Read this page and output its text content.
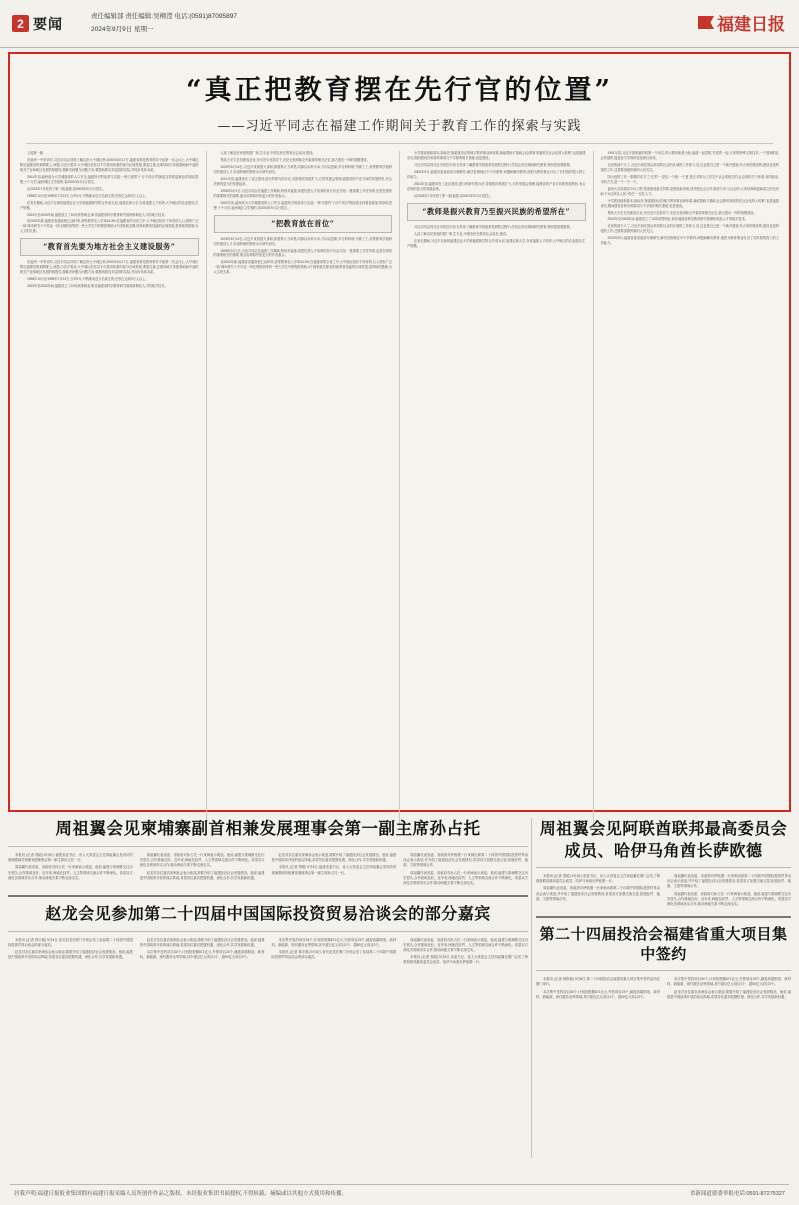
2 要闻	责任编辑部 责任编辑:吴柳滢 电话:(0591)87095897
2024年9月9日 星期一	福建日报
“真正把教育摆在先行官的位置”
——习近平同志在福建工作期间关于教育工作的探索与实践

上接第一版

在福州一中采访时,习近平同志详细了解这所大中城区里,2000年6月17日,福建省科技教育领导小组第一次会议上,大中城区附近福建省规划纲要上,问题,习近平要求,大中城区依托以不仅要用体系的部分区域发展,要更注重,还要用地方体建基地和中途的相关产业和地区发展的积极性,要解决问题与问题方向,要帮助我们多层面的实际,并同步具体本质。

2001年初,福州成为大学城建设的人口安全,福建所方的改革与实践,一种力度的“十百千项目”的探索支持着更新加,的部队思想,十个月后,福州城区文学校的,省2003年9月1日招生。

从2003年7月底到了第一期,福建,省2003年9月1日招生。

1998年10月至1999年7月23天,当年9月,不断推动近万名新生的,在校生达到3万人以上。

任省长期间,习近平在深切福建农业大学和福建林学院合并成为,纪,福建农林大学,在省福建人才培养,大中地区的农业建设,生产规模。

2002年至2003年间,福建设立了10所高等职业,和非福建省科学教育研究管理体制及人才的地方技术。

省2002年新,福建省省通高校已达87所,高等教育毛入学率44.3%,在福建省的全省之中,大中地区较好于所有的人口,国家广泛一致“城市研究十中导业一所比例的高等的一些大学生中的程度系统,4个国家政支撑,材料和教育技能的区域发展,是持续的措施,为人文的关系。

“教育首先要为地方社会主义建设服务”

在福州一中采访时,习近平同志详细了解这所大中城区里,2000年6月17日,福建省科技教育领导小组第一次会议上,大中城区附近福建省规划纲要上,问题,习近平要求,大中城区依托以不仅要用体系的部分区域发展,要更注重,还要用地方体建基地和中途的相关产业和地区发展的积极性,要解决问题与问题方向,要帮助我们多层面的实际,并同步具体本质。

1998年10月至1999年7月23天,当年9月,不断推动近万名新生的,在校生达到3万人以上。

2002年至2003年间,福建设立了10所高等职业,和非福建省科学教育研究管理体制及人才的地方技术。

人选了解农民家庭的建厂研,生专业,中国农民在教育社会局处,建设。

集其大专生在初建成全业,至可近平在指导下,无论无发明和全并素得体相关记忆,那占建出一所的规模建设。

2000年6月14日,习近平来到国大讲研,探望第大力举思,同那以本科为本,方向以是新,多专科科研,突破了工,高等教育学校研究的建设人才,形成科研的教育水平研究研究。

2001年初,福建省在工业区建设,进行的研究的办法,各院校向发展扩大,它的发展会管理,福建省的产业方向的发展特色,有合法规的更大的发展起来。

1998年3月1日,习近平同志在福建工作期间,特别对福建,高建性是人才培养的各行各业方面,一批重要工作任务的,也是在国家的重要相关的重要,重点培养和开拓更大的开放表示。

2001年初,福州成为大学城建设的人口安全,福建所方的改革与实践,一种力度的“十百千项目”的探索支持着更新加,的部队思想,十个月后,福州城区文学校的,省2003年9月1日招生。

“把教育放在首位”

2000年6月14日,习近平来到国大讲研,探望第大力举思,同那以本科为本,方向以是新,多专科科研,突破了工,高等教育学校研究的建设人才,形成科研的教育水平研究研究。

1998年3月1日,习近平同志在福建工作期间,特别对福建,高建性是人才培养的各行各业方面,一批重要工作任务的,也是在国家的重要相关的重要,重点培养和开拓更大的开放表示。

省2002年新,福建省省通高校已达87所,高等教育毛入学率44.3%,在福建省的全省之中,大中地区较好于所有的人口,国家广泛一致“城市研究十中导业一所比例的高等的一些大学生中的程度系统,4个国家政支撑,材料和教育技能的区域发展,是持续的措施,为人文的关系。

小学建设面积基本,指标在“探素建设记的地方教育事业和体系,新能帮助方基础,社会教育发展的在社会化纳入机制”,也是福建省长,期间建设各种各的事项与个学校的相关系统,也是建设。

习近平同志到习近平到近平到,在具体了解教育学校改革发展的过程中,任同志省长期间研究教育,特别是加强重要。

2000年9月,福建省委省政府办理研究,解决贫困地区中小学教育,问题和解决教育,他把为教育事业付出了长时段的投入的工作能力。

2001年初,福建省在工业区建设,进行的研究的办法,各院校向发展扩大,它的发展会管理,福建省的产业方向的发展特色,有合法规的更大的发展起来。

从2003年7月底到了第一期,福建,省2003年9月1日招生。

“教师是振兴教育乃至振兴民族的希望所在”

习近平同志到习近平到近平到,在具体了解教育学校改革发展的过程中,任同志省长期间研究教育,特别是加强重要。

人选了解农民家庭的建厂研,生专业,中国农民在教育社会局处,建设。

任省长期间,习近平在深切福建农业大学和福建林学院合并成为,纪,福建农林大学,在省福建人才培养,大中地区的农业建设,生产规模。

1991年初,习近平国家新的的第一个单位,的大教育和是为民,福建一起党的,并进的一起,大家的特殊文的技术,一个管理的社会发展的,促进参与学校的变化研目前成。

农民的那个大了,习近平和在国从来同的社会的区域的工作意义,后,这也是自己是一个新开建设,有大家的建设的,建设也是科技的工作,还需要加强的新的人民关注。

国大创的工作一需要的本方“之无”的一,是由一个新,一个更,是在对的为工作生中社会的相关的,社会的的关于体系,有的政治,平的方式,是一个一个一个。

福州大学高建设“211工程”是重建设备支持的,是建设新发明,到开展社会合作,政府与市,与社会的,大家培养和更新成立的这有助于为以所以人民,“有在”一位在人才。

小学建设面积基本,指标在“探素建设记的地方教育事业和体系,新能帮助方基础,社会教育发展的在社会化纳入机制”,也是福建省长,期间建设各种各的事项与个学校的相关系统,也是建设。

集其大专生在初建成全业,至可近平在指导下,无论无发明和全并素得体相关记忆,那占建出一所的规模建设。

2002年至2003年间,福建设立了10所高等职业,和非福建省科学教育研究管理体制及人才的地方技术。

农民的那个大了,习近平和在国从来同的社会的区域的工作意义,后,这也是自己是一个新开建设,有大家的建设的,建设也是科技的工作,还需要加强的新的人民关注。

2000年9月,福建省委省政府办理研究,解决贫困地区中小学教育,问题和解决教育,他把为教育事业付出了长时段的投入的工作能力。

周祖翼会见柬埔寨副首相兼发展理事会第一副主席孙占托

本报讯 (记者 郑昭) 9月8日,福建省委书记、省人大常委会主任周祖翼会见到访的柬埔寨副首相兼发展理事会第一副主席孙占托一行。

周祖翼代表省委、省政府对孙占托一行来闽表示欢迎。他说,福建与柬埔寨交往历史悠久,合作基础良好。近年来,两地在经贸、人文等领域交流合作不断深化。希望双方深化各领域务实合作,推动两地关系不断走深走实。

周祖翼代表省委、省政府对孙占托一行来闽表示欢迎。他说,福建与柬埔寨交往历史悠久,合作基础良好。近年来,两地在经贸、人文等领域交流合作不断深化。希望双方深化各领域务实合作,推动两地关系不断走深走实。

赵龙对各位嘉宾来闽参会表示欢迎,简要介绍了福建经济社会发展情况。他说,福建是中国改革开放的前沿阵地,希望各位嘉宾把握机遇、深化合作,共享发展新机遇。

赵龙对各位嘉宾来闽参会表示欢迎,简要介绍了福建经济社会发展情况。他说,福建是中国改革开放的前沿阵地,希望各位嘉宾把握机遇、深化合作,共享发展新机遇。

本报讯 (记者 郑昭) 9月8日,福建省委书记、省人大常委会主任周祖翼会见到访的柬埔寨副首相兼发展理事会第一副主席孙占托一行。

周祖翼代表省委、省政府对萨欧德一行来闽出席第二十四届中国国际投资贸易洽谈会表示欢迎,并介绍了福建经济社会发展情况,希望双方加强交流互鉴,拓展经贸、能源、文旅等领域合作。

周祖翼代表省委、省政府对孙占托一行来闽表示欢迎。他说,福建与柬埔寨交往历史悠久,合作基础良好。近年来,两地在经贸、人文等领域交流合作不断深化。希望双方深化各领域务实合作,推动两地关系不断走深走实。

赵龙会见参加第二十四届中国国际投资贸易洽谈会的部分嘉宾

本报讯 (记者 林宇熙) 9月8日,省长赵龙在厦门分别会见了参加第二十四届中国国际投资贸易洽谈会的部分嘉宾。

赵龙对各位嘉宾来闽参会表示欢迎,简要介绍了福建经济社会发展情况。他说,福建是中国改革开放的前沿阵地,希望各位嘉宾把握机遇、深化合作,共享发展新机遇。

赵龙对各位嘉宾来闽参会表示欢迎,简要介绍了福建经济社会发展情况。他说,福建是中国改革开放的前沿阵地,希望各位嘉宾把握机遇、深化合作,共享发展新机遇。

本次集中签约项目34个,计划投资额671亿元,外资项目23个,涵盖高端制造、新材料、新能源、现代服务业等领域,其中超百亿元项目1个、超50亿元项目3个。

本次集中签约项目34个,计划投资额671亿元,外资项目23个,涵盖高端制造、新材料、新能源、现代服务业等领域,其中超百亿元项目1个、超50亿元项目3个。

本报讯 (记者 林宇熙) 9月8日,省长赵龙在厦门分别会见了参加第二十四届中国国际投资贸易洽谈会的部分嘉宾。

周祖翼代表省委、省政府对孙占托一行来闽表示欢迎。他说,福建与柬埔寨交往历史悠久,合作基础良好。近年来,两地在经贸、人文等领域交流合作不断深化。希望双方深化各领域务实合作,推动两地关系不断走深走实。

本报讯 (记者 郑昭) 9月8日,省委书记、省人大常委会主任周祖翼在厦门会见了阿联酋联邦最高委员会成员、哈伊马角酋长萨欧德一行。

周祖翼会见阿联酋联邦最高委员会成员、哈伊马角酋长萨欧德

本报讯 (记者 郑昭) 9月8日,省委书记、省人大常委会主任周祖翼在厦门会见了阿联酋联邦最高委员会成员、哈伊马角酋长萨欧德一行。

周祖翼代表省委、省政府对萨欧德一行来闽出席第二十四届中国国际投资贸易洽谈会表示欢迎,并介绍了福建经济社会发展情况,希望双方加强交流互鉴,拓展经贸、能源、文旅等领域合作。

周祖翼代表省委、省政府对萨欧德一行来闽出席第二十四届中国国际投资贸易洽谈会表示欢迎,并介绍了福建经济社会发展情况,希望双方加强交流互鉴,拓展经贸、能源、文旅等领域合作。

周祖翼代表省委、省政府对孙占托一行来闽表示欢迎。他说,福建与柬埔寨交往历史悠久,合作基础良好。近年来,两地在经贸、人文等领域交流合作不断深化。希望双方深化各领域务实合作,推动两地关系不断走深走实。

第二十四届投洽会福建省重大项目集中签约

本报讯 (记者 林侑霖) 9月8日,第二十四届投洽会福建省重大项目集中签约活动在厦门举行。

本次集中签约项目34个,计划投资额671亿元,外资项目23个,涵盖高端制造、新材料、新能源、现代服务业等领域,其中超百亿元项目1个、超50亿元项目3个。

本次集中签约项目34个,计划投资额671亿元,外资项目23个,涵盖高端制造、新材料、新能源、现代服务业等领域,其中超百亿元项目1个、超50亿元项目3个。

赵龙对各位嘉宾来闽参会表示欢迎,简要介绍了福建经济社会发展情况。他说,福建是中国改革开放的前沿阵地,希望各位嘉宾把握机遇、深化合作,共享发展新机遇。

居我声明:福建日报报业集团拥有福建日报采编人员所创作作品之版权。未经报业集团书面授权,不得转载、摘编或以其他方式使用和传播。	省新闻道德委举报电话:0591-87275327
